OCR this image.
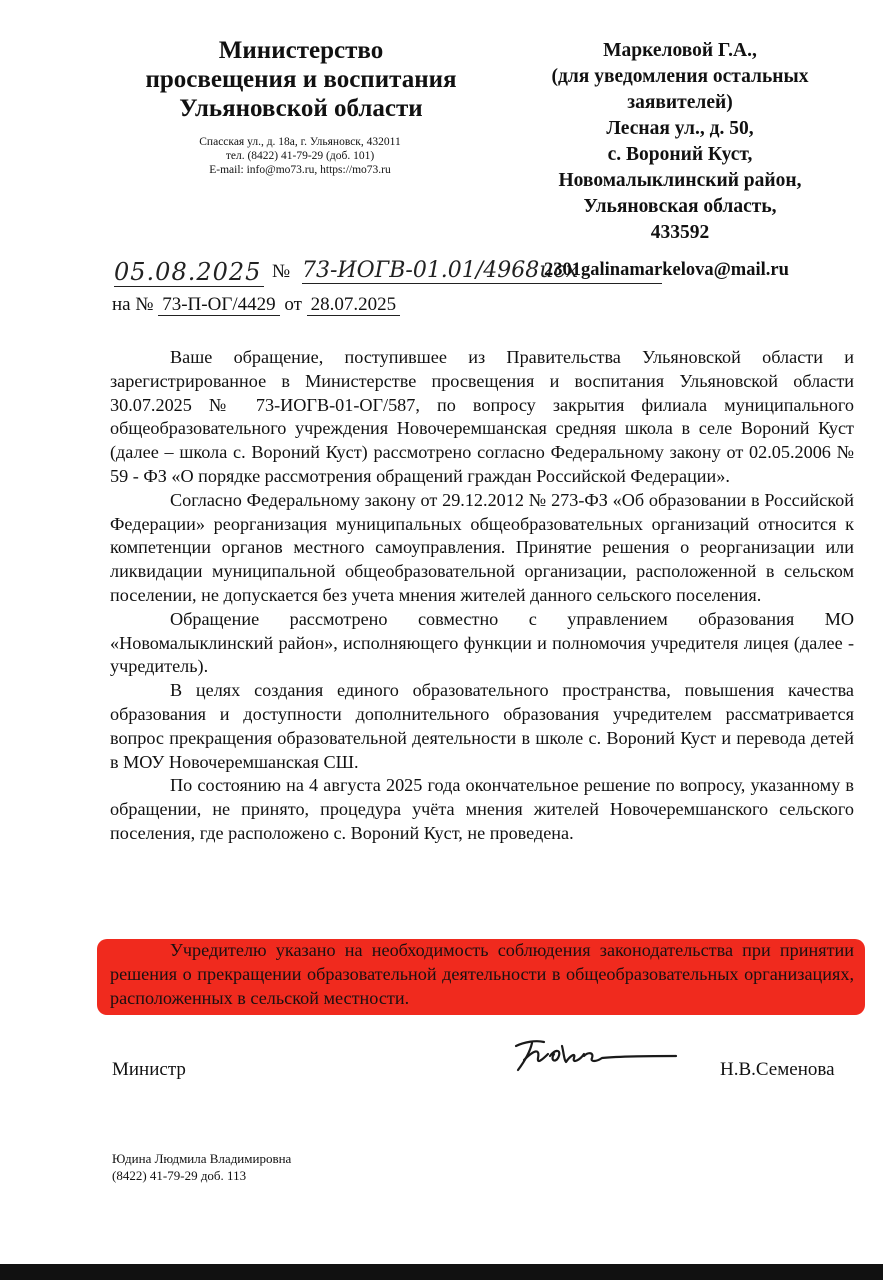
Министерство
просвещения и воспитания
Ульяновской области
Спасская ул., д. 18а, г. Ульяновск, 432011
тел. (8422) 41-79-29 (доб. 101)
E-mail: info@mo73.ru, https://mo73.ru
Маркеловой Г.А.,
(для уведомления остальных
заявителей)
Лесная ул., д. 50,
с. Вороний Куст,
Новомалыклинский район,
Ульяновская область,
433592
05.08.2025 № 73-ИОГВ-01.01/4968исх
2301galinamarkelova@mail.ru
на № 73-П-ОГ/4429 от 28.07.2025

Ваше обращение, поступившее из Правительства Ульяновской области и зарегистрированное в Министерстве просвещения и воспитания Ульяновской области 30.07.2025 № 73-ИОГВ-01-ОГ/587, по вопросу закрытия филиала муниципального общеобразовательного учреждения Новочеремшанская средняя школа в селе Вороний Куст (далее – школа с. Вороний Куст) рассмотрено согласно Федеральному закону от 02.05.2006 № 59 - ФЗ «О порядке рассмотрения обращений граждан Российской Федерации».

Согласно Федеральному закону от 29.12.2012 № 273-ФЗ «Об образовании в Российской Федерации» реорганизация муниципальных общеобразовательных организаций относится к компетенции органов местного самоуправления. Принятие решения о реорганизации или ликвидации муниципальной общеобразовательной организации, расположенной в сельском поселении, не допускается без учета мнения жителей данного сельского поселения.

Обращение рассмотрено совместно с управлением образования МО «Новомалыклинский район», исполняющего функции и полномочия учредителя лицея (далее - учредитель).

В целях создания единого образовательного пространства, повышения качества образования и доступности дополнительного образования учредителем рассматривается вопрос прекращения образовательной деятельности в школе с. Вороний Куст и перевода детей в МОУ Новочеремшанская СШ.

По состоянию на 4 августа 2025 года окончательное решение по вопросу, указанному в обращении, не принято, процедура учёта мнения жителей Новочеремшанского сельского поселения, где расположено с. Вороний Куст, не проведена.

Учредителю указано на необходимость соблюдения законодательства при принятии решения о прекращении образовательной деятельности в общеобразовательных организациях, расположенных в сельской местности.

Министр	Н.В.Семенова
Юдина Людмила Владимировна
(8422) 41-79-29 доб. 113
